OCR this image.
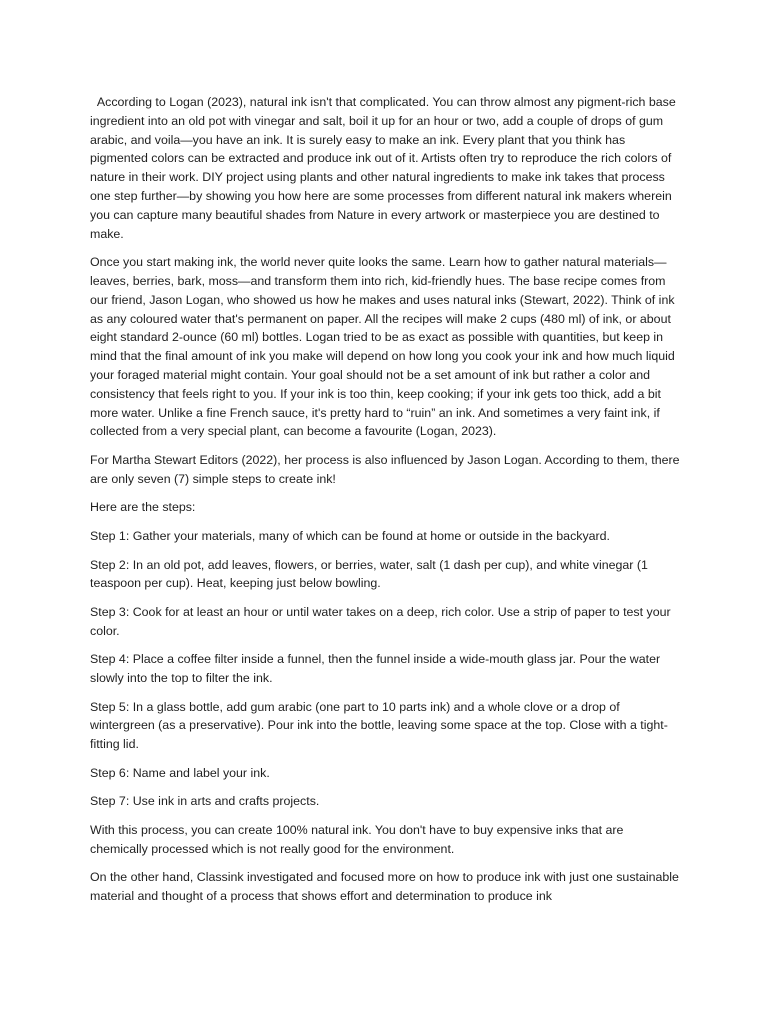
According to Logan (2023), natural ink isn't that complicated. You can throw almost any pigment-rich base ingredient into an old pot with vinegar and salt, boil it up for an hour or two, add a couple of drops of gum arabic, and voila—you have an ink. It is surely easy to make an ink. Every plant that you think has pigmented colors can be extracted and produce ink out of it. Artists often try to reproduce the rich colors of nature in their work. DIY project using plants and other natural ingredients to make ink takes that process one step further—by showing you how here are some processes from different natural ink makers wherein you can capture many beautiful shades from Nature in every artwork or masterpiece you are destined to make.

Once you start making ink, the world never quite looks the same. Learn how to gather natural materials—leaves, berries, bark, moss—and transform them into rich, kid-friendly hues. The base recipe comes from our friend, Jason Logan, who showed us how he makes and uses natural inks (Stewart, 2022). Think of ink as any coloured water that's permanent on paper. All the recipes will make 2 cups (480 ml) of ink, or about eight standard 2-ounce (60 ml) bottles. Logan tried to be as exact as possible with quantities, but keep in mind that the final amount of ink you make will depend on how long you cook your ink and how much liquid your foraged material might contain. Your goal should not be a set amount of ink but rather a color and consistency that feels right to you. If your ink is too thin, keep cooking; if your ink gets too thick, add a bit more water. Unlike a fine French sauce, it's pretty hard to “ruin” an ink. And sometimes a very faint ink, if collected from a very special plant, can become a favourite (Logan, 2023).

For Martha Stewart Editors (2022), her process is also influenced by Jason Logan. According to them, there are only seven (7) simple steps to create ink!

Here are the steps:

Step 1: Gather your materials, many of which can be found at home or outside in the backyard.

Step 2: In an old pot, add leaves, flowers, or berries, water, salt (1 dash per cup), and white vinegar (1 teaspoon per cup). Heat, keeping just below bowling.

Step 3: Cook for at least an hour or until water takes on a deep, rich color. Use a strip of paper to test your color.

Step 4: Place a coffee filter inside a funnel, then the funnel inside a wide-mouth glass jar. Pour the water slowly into the top to filter the ink.

Step 5: In a glass bottle, add gum arabic (one part to 10 parts ink) and a whole clove or a drop of wintergreen (as a preservative). Pour ink into the bottle, leaving some space at the top. Close with a tight-fitting lid.

Step 6: Name and label your ink.

Step 7: Use ink in arts and crafts projects.

With this process, you can create 100% natural ink. You don't have to buy expensive inks that are chemically processed which is not really good for the environment.

On the other hand, Classink investigated and focused more on how to produce ink with just one sustainable material and thought of a process that shows effort and determination to produce ink
